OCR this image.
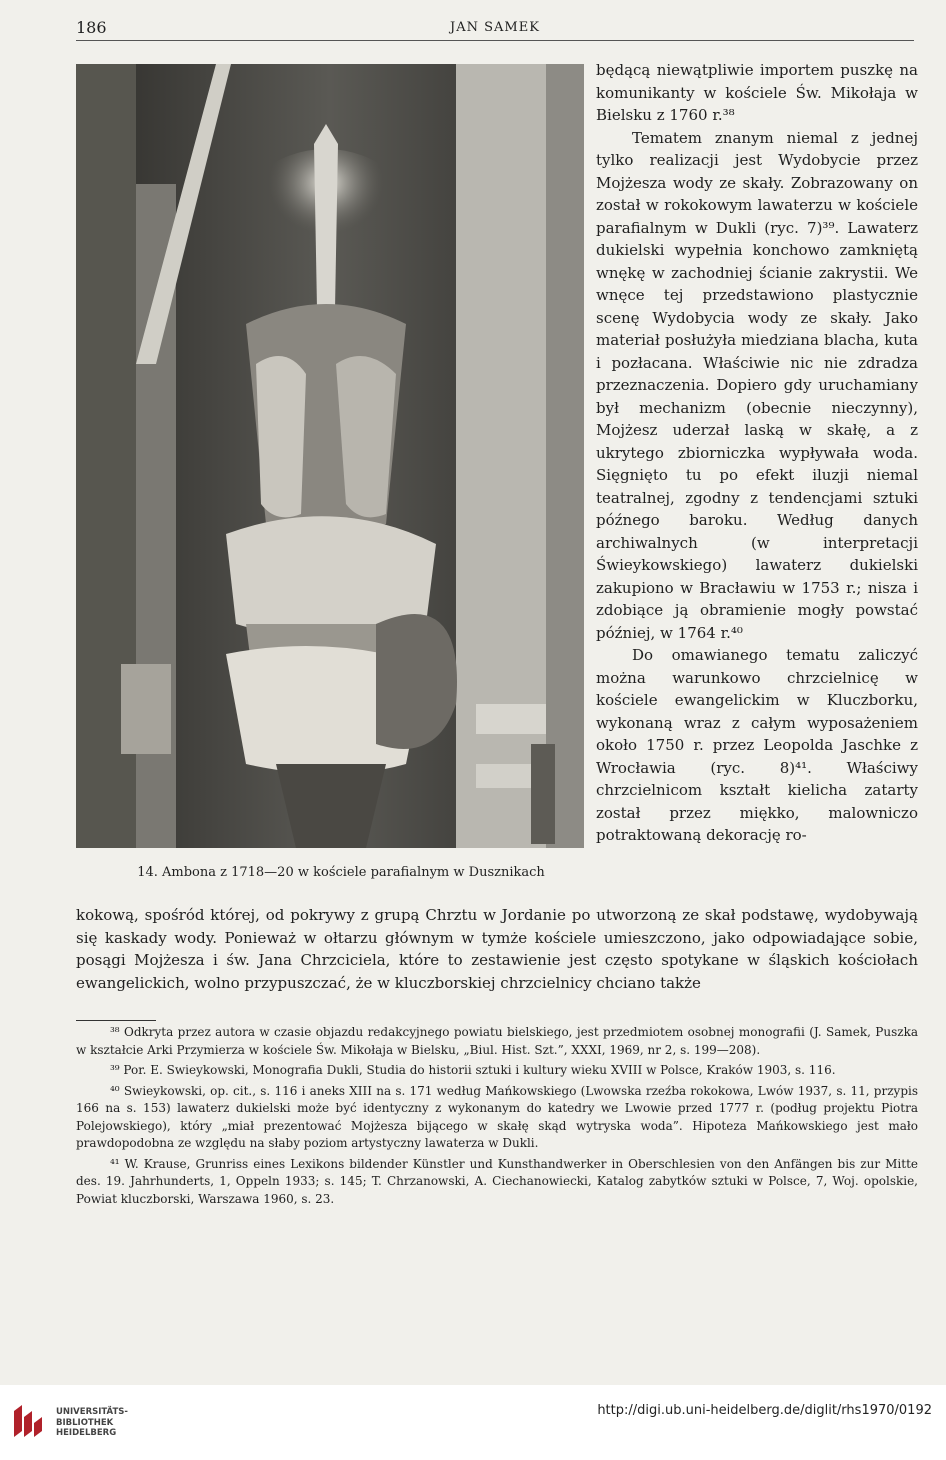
186	JAN SAMEK
14. Ambona z 1718—20 w kościele parafialnym w Dusznikach

będącą niewątpliwie importem puszkę na komunikanty w kościele Św. Mikołaja w Bielsku z 1760 r.³⁸

Tematem znanym niemal z jednej tylko realizacji jest Wydobycie przez Mojżesza wody ze skały. Zobrazowany on został w rokokowym lawaterzu w kościele parafialnym w Dukli (ryc. 7)³⁹. Lawaterz dukielski wypełnia konchowo zamkniętą wnękę w zachodniej ścianie zakrystii. We wnęce tej przedstawiono plastycznie scenę Wydobycia wody ze skały. Jako materiał posłużyła miedziana blacha, kuta i pozłacana. Właściwie nic nie zdradza przeznaczenia. Dopiero gdy uruchamiany był mechanizm (obecnie nieczynny), Mojżesz uderzał laską w skałę, a z ukrytego zbiorniczka wypływała woda. Sięgnięto tu po efekt iluzji niemal teatralnej, zgodny z tendencjami sztuki późnego baroku. Według danych archiwalnych (w interpretacji Świeykowskiego) lawaterz dukielski zakupiono w Bracławiu w 1753 r.; nisza i zdobiące ją obramienie mogły powstać później, w 1764 r.⁴⁰

Do omawianego tematu zaliczyć można warunkowo chrzcielnicę w kościele ewangelickim w Kluczborku, wykonaną wraz z całym wyposażeniem około 1750 r. przez Leopolda Jaschke z Wrocławia (ryc. 8)⁴¹. Właściwy chrzcielnicom kształt kielicha zatarty został przez miękko, malowniczo potraktowaną dekorację ro-

kokową, spośród której, od pokrywy z grupą Chrztu w Jordanie po utworzoną ze skał podstawę, wydobywają się kaskady wody. Ponieważ w ołtarzu głównym w tymże kościele umieszczono, jako odpowiadające sobie, posągi Mojżesza i św. Jana Chrzciciela, które to zestawienie jest często spotykane w śląskich kościołach ewangelickich, wolno przypuszczać, że w kluczborskiej chrzcielnicy chciano także

³⁸ Odkryta przez autora w czasie objazdu redakcyjnego powiatu bielskiego, jest przedmiotem osobnej monografii (J. Samek, Puszka w kształcie Arki Przymierza w kościele Św. Mikołaja w Bielsku, „Biul. Hist. Szt.”, XXXI, 1969, nr 2, s. 199—208).

³⁹ Por. E. Swieykowski, Monografia Dukli, Studia do historii sztuki i kultury wieku XVIII w Polsce, Kraków 1903, s. 116.

⁴⁰ Swieykowski, op. cit., s. 116 i aneks XIII na s. 171 według Mańkowskiego (Lwowska rzeźba rokokowa, Lwów 1937, s. 11, przypis 166 na s. 153) lawaterz dukielski może być identyczny z wykonanym do katedry we Lwowie przed 1777 r. (podług projektu Piotra Polejowskiego), który „miał prezentować Mojżesza bijącego w skałę skąd wytryska woda”. Hipoteza Mańkowskiego jest mało prawdopodobna ze względu na słaby poziom artystyczny lawaterza w Dukli.

⁴¹ W. Krause, Grunriss eines Lexikons bildender Künstler und Kunsthandwerker in Oberschlesien von den Anfängen bis zur Mitte des. 19. Jahrhunderts, 1, Oppeln 1933; s. 145; T. Chrzanowski, A. Ciechanowiecki, Katalog zabytków sztuki w Polsce, 7, Woj. opolskie, Powiat kluczborski, Warszawa 1960, s. 23.

UNIVERSITÄTS-
BIBLIOTHEK
HEIDELBERG
http://digi.ub.uni-heidelberg.de/diglit/rhs1970/0192
